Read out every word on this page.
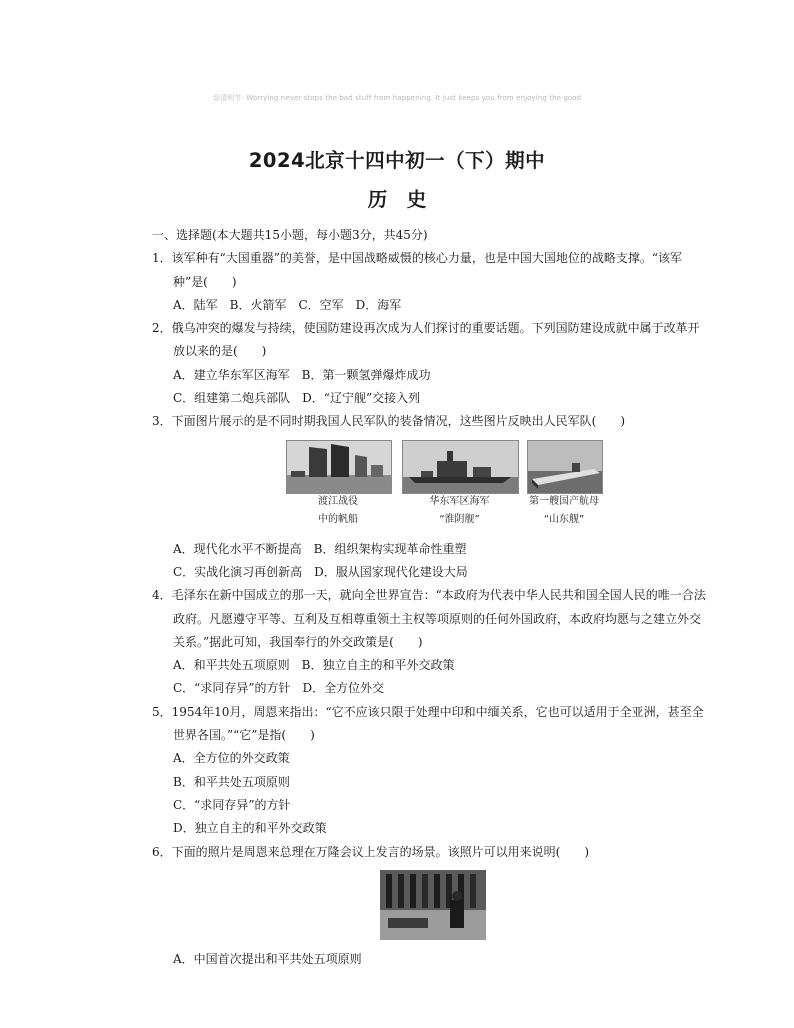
☺清明节: Worrying never stops the bad stuff from happening. It just keeps you from enjoying the good
2024北京十四中初一（下）期中
历　史
一、选择题(本大题共15小题，每小题3分，共45分)
1．该军种有“大国重器”的美誉，是中国战略威慑的核心力量，也是中国大国地位的战略支撑。“该军
种”是(　　)
A．陆军　B．火箭军　C．空军　D．海军
2．俄乌冲突的爆发与持续，使国防建设再次成为人们探讨的重要话题。下列国防建设成就中属于改革开
放以来的是(　　)
A．建立华东军区海军　B．第一颗氢弹爆炸成功
C．组建第二炮兵部队　D．“辽宁舰”交接入列
3．下面图片展示的是不同时期我国人民军队的装备情况，这些图片反映出人民军队(　　)
渡江战役
中的帆船
华东军区海军
“淮阴舰”
第一艘国产航母
“山东舰”
A．现代化水平不断提高　B．组织架构实现革命性重塑
C．实战化演习再创新高　D．服从国家现代化建设大局
4．毛泽东在新中国成立的那一天，就向全世界宣告：“本政府为代表中华人民共和国全国人民的唯一合法
政府。凡愿遵守平等、互利及互相尊重领土主权等项原则的任何外国政府，本政府均愿与之建立外交
关系。”据此可知，我国奉行的外交政策是(　　)
A．和平共处五项原则　B．独立自主的和平外交政策
C．“求同存异”的方针　D．全方位外交
5．1954年10月，周恩来指出：“它不应该只限于处理中印和中缅关系，它也可以适用于全亚洲，甚至全
世界各国。”“它”是指(　　)
A．全方位的外交政策
B．和平共处五项原则
C．“求同存异”的方针
D．独立自主的和平外交政策
6．下面的照片是周恩来总理在万隆会议上发言的场景。该照片可以用来说明(　　)
A．中国首次提出和平共处五项原则
